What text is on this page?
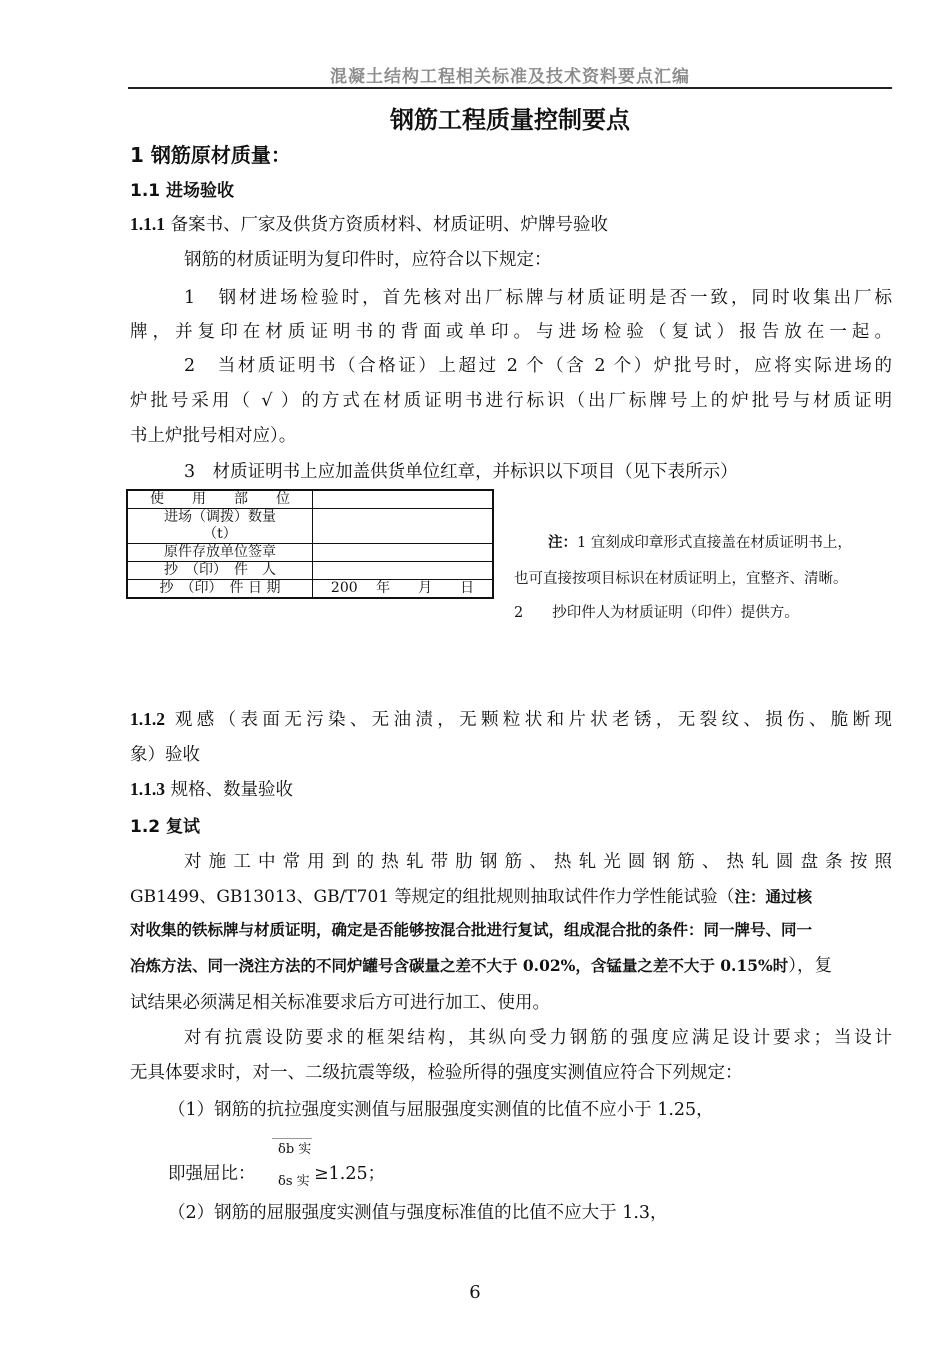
混凝土结构工程相关标准及技术资料要点汇编
钢筋工程质量控制要点
1 钢筋原材质量：
1.1 进场验收
1.1.1 备案书、厂家及供货方资质材料、材质证明、炉牌号验收
钢筋的材质证明为复印件时，应符合以下规定：
1　钢材进场检验时，首先核对出厂标牌与材质证明是否一致，同时收集出厂标
牌，并复印在材质证明书的背面或单印。与进场检验（复试）报告放在一起。
2　当材质证明书（合格证）上超过 2 个（含 2 个）炉批号时，应将实际进场的
炉批号采用（ √ ）的方式在材质证明书进行标识（出厂标牌号上的炉批号与材质证明
书上炉批号相对应）。
3　材质证明书上应加盖供货单位红章，并标识以下项目（见下表所示）
使　　用　　部　　位	
进场（调拨）数量
（t）	
原件存放单位签章	
抄　（印）　件　人	
抄　（印）　件 日 期	200　 年　　月　　日
注：1 宜刻成印章形式直接盖在材质证明书上，
也可直接按项目标识在材质证明上，宜整齐、清晰。
2　　抄印件人为材质证明（印件）提供方。
1.1.2 观感（表面无污染、无油渍，无颗粒状和片状老锈，无裂纹、损伤、脆断现
象）验收
1.1.3 规格、数量验收
1.2 复试
对施工中常用到的热轧带肋钢筋、热轧光圆钢筋、热轧圆盘条按照
GB1499、GB13013、GB/T701 等规定的组批规则抽取试件作力学性能试验（注：通过核
对收集的铁标牌与材质证明，确定是否能够按混合批进行复试，组成混合批的条件：同一牌号、同一
冶炼方法、同一浇注方法的不同炉罐号含碳量之差不大于 0.02%，含锰量之差不大于 0.15%时），复
试结果必须满足相关标准要求后方可进行加工、使用。
对有抗震设防要求的框架结构，其纵向受力钢筋的强度应满足设计要求；当设计
无具体要求时，对一、二级抗震等级，检验所得的强度实测值应符合下列规定：
（1）钢筋的抗拉强度实测值与屈服强度实测值的比值不应小于 1.25，
即强屈比：
δb 实
δs 实 ≥1.25；
（2）钢筋的屈服强度实测值与强度标准值的比值不应大于 1.3，
6
